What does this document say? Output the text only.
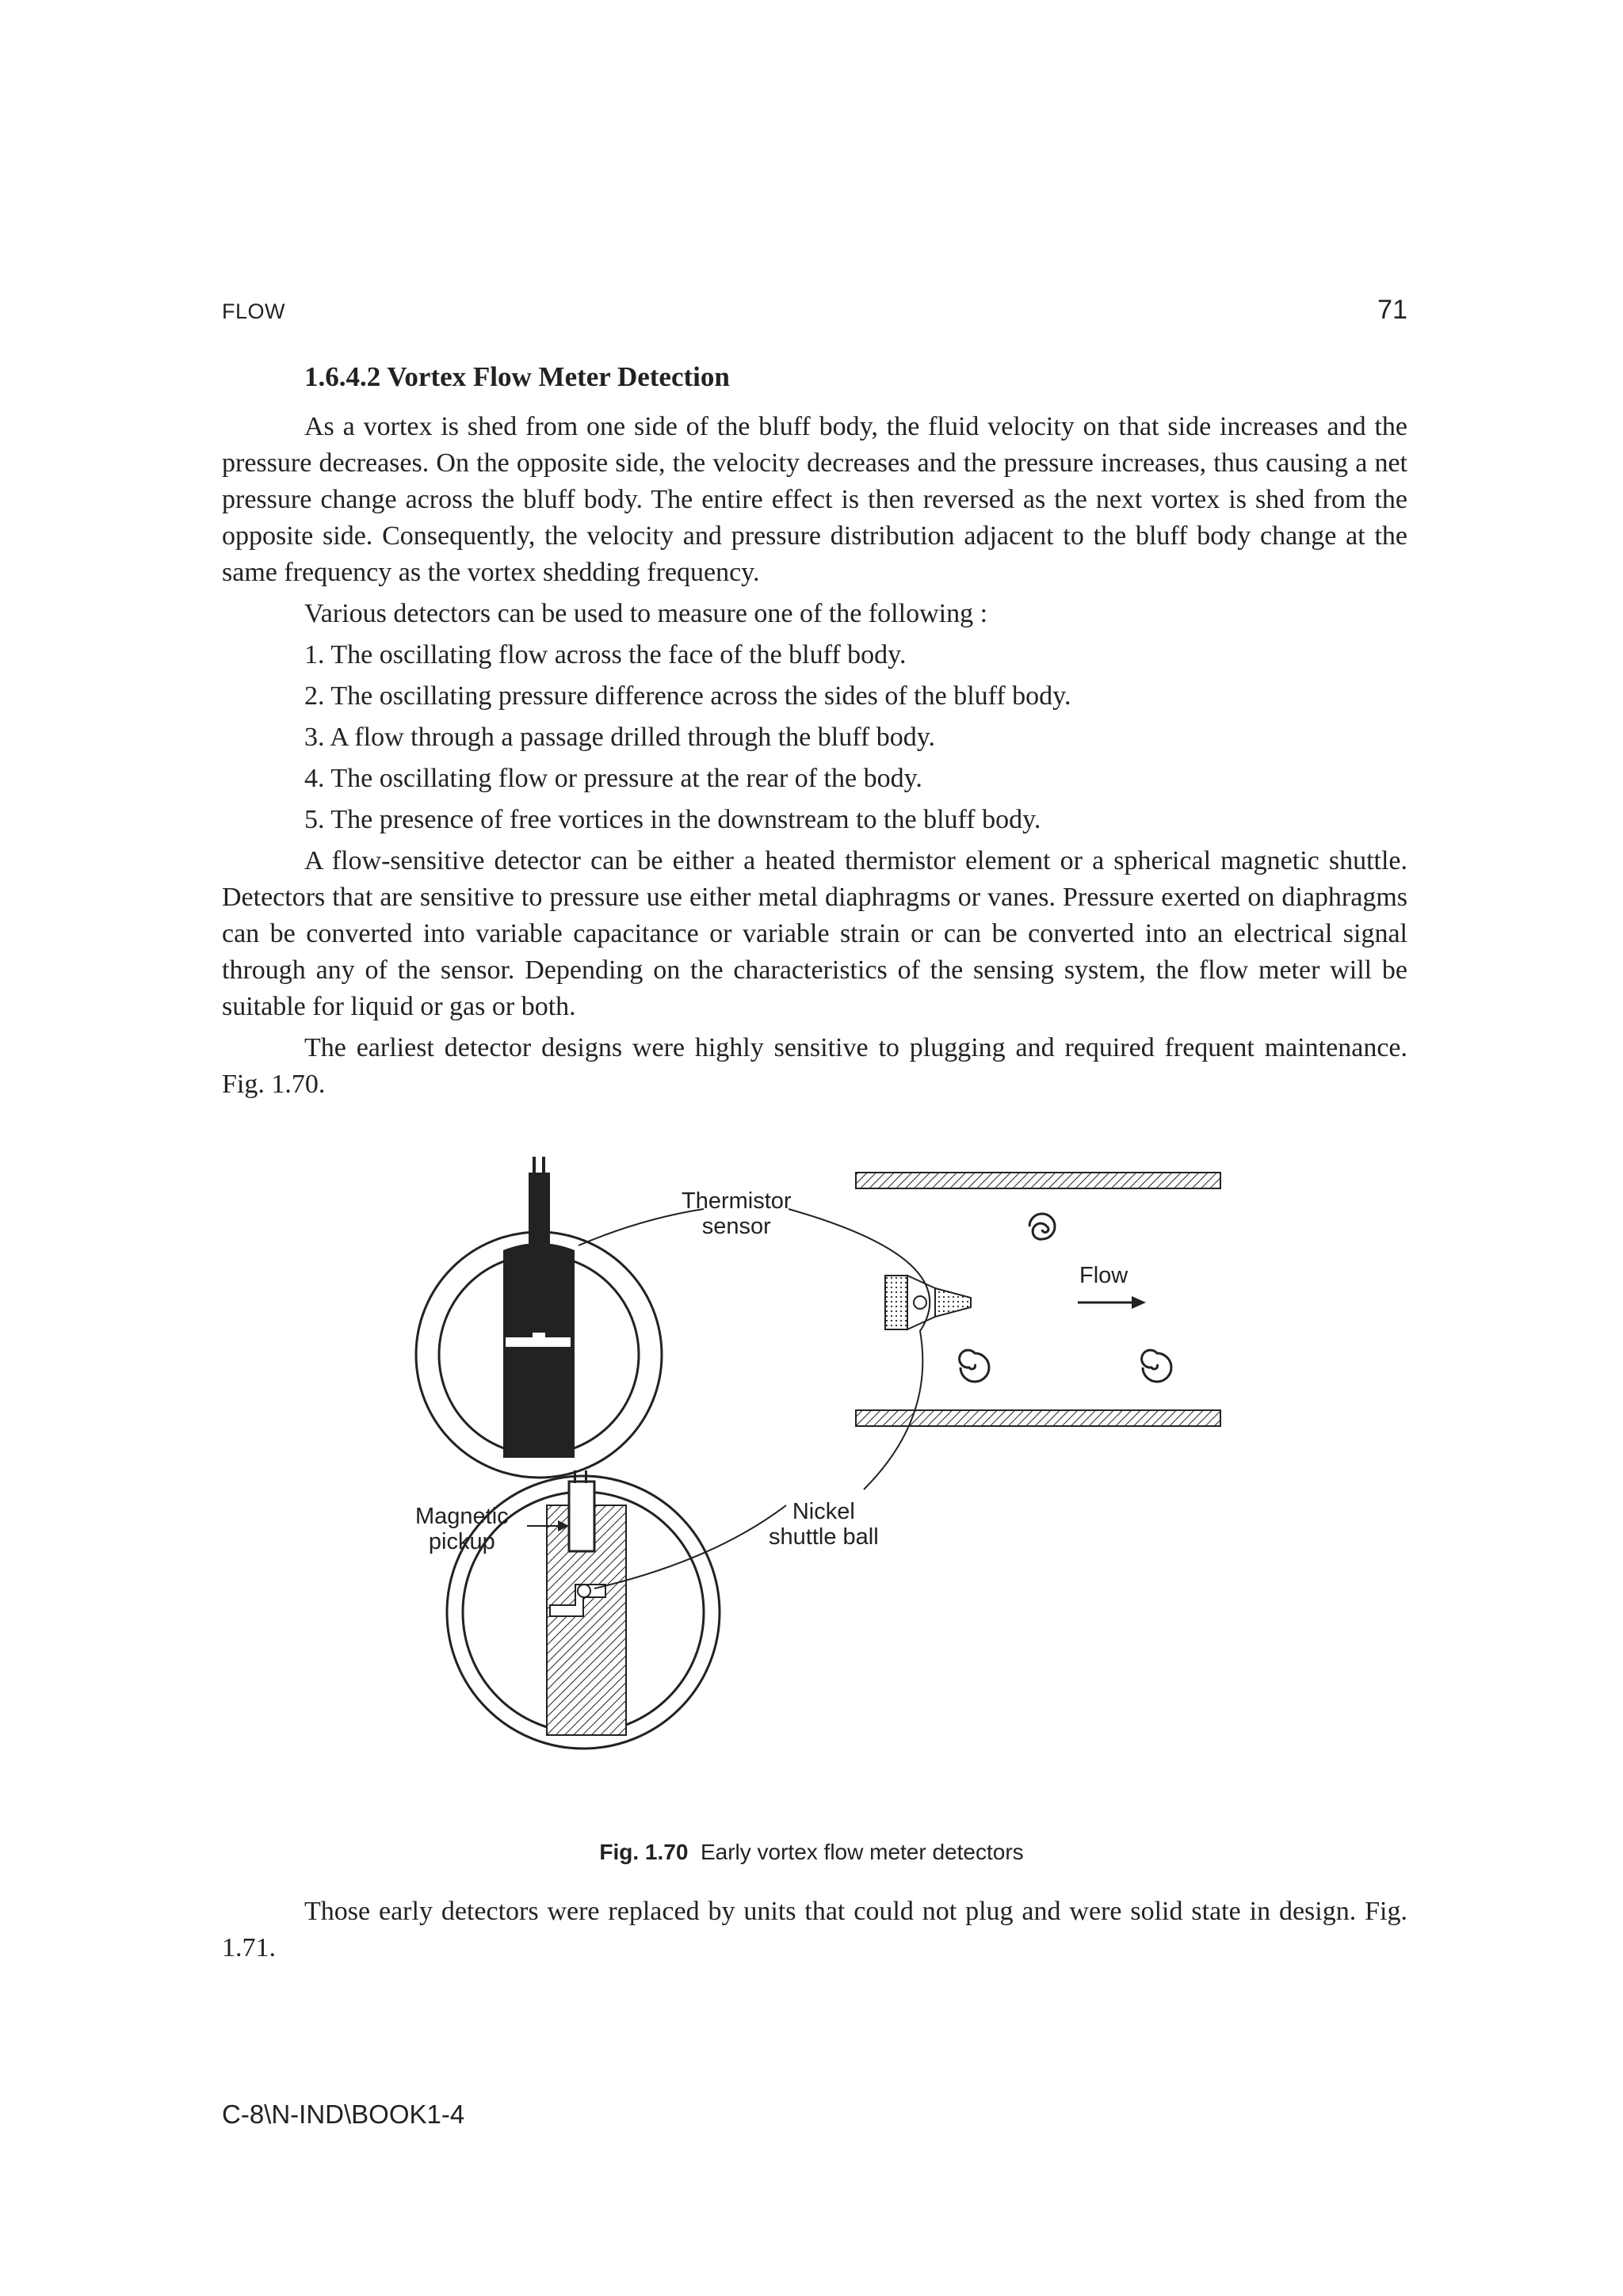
FLOW	71
1.6.4.2 Vortex Flow Meter Detection

As a vortex is shed from one side of the bluff body, the fluid velocity on that side increases and the pressure decreases. On the opposite side, the velocity decreases and the pressure increases, thus causing a net pressure change across the bluff body. The entire effect is then reversed as the next vortex is shed from the opposite side. Consequently, the velocity and pressure distribution adjacent to the bluff body change at the same frequency as the vortex shedding frequency.

Various detectors can be used to measure one of the following :

1. The oscillating flow across the face of the bluff body.

2. The oscillating pressure difference across the sides of the bluff body.

3. A flow through a passage drilled through the bluff body.

4. The oscillating flow or pressure at the rear of the body.

5. The presence of free vortices in the downstream to the bluff body.

A flow-sensitive detector can be either a heated thermistor element or a spherical magnetic shuttle. Detectors that are sensitive to pressure use either metal diaphragms or vanes. Pressure exerted on diaphragms can be converted into variable capacitance or variable strain or can be converted into an electrical signal through any of the sensor. Depending on the characteristics of the sensing system, the flow meter will be suitable for liquid or gas or both.

The earliest detector designs were highly sensitive to plugging and required frequent maintenance. Fig. 1.70.

Thermistor
sensor
Flow
Magnetic
pickup
Nickel
shuttle ball
Fig. 1.70 Early vortex flow meter detectors

Those early detectors were replaced by units that could not plug and were solid state in design. Fig. 1.71.

C-8\N-IND\BOOK1-4
